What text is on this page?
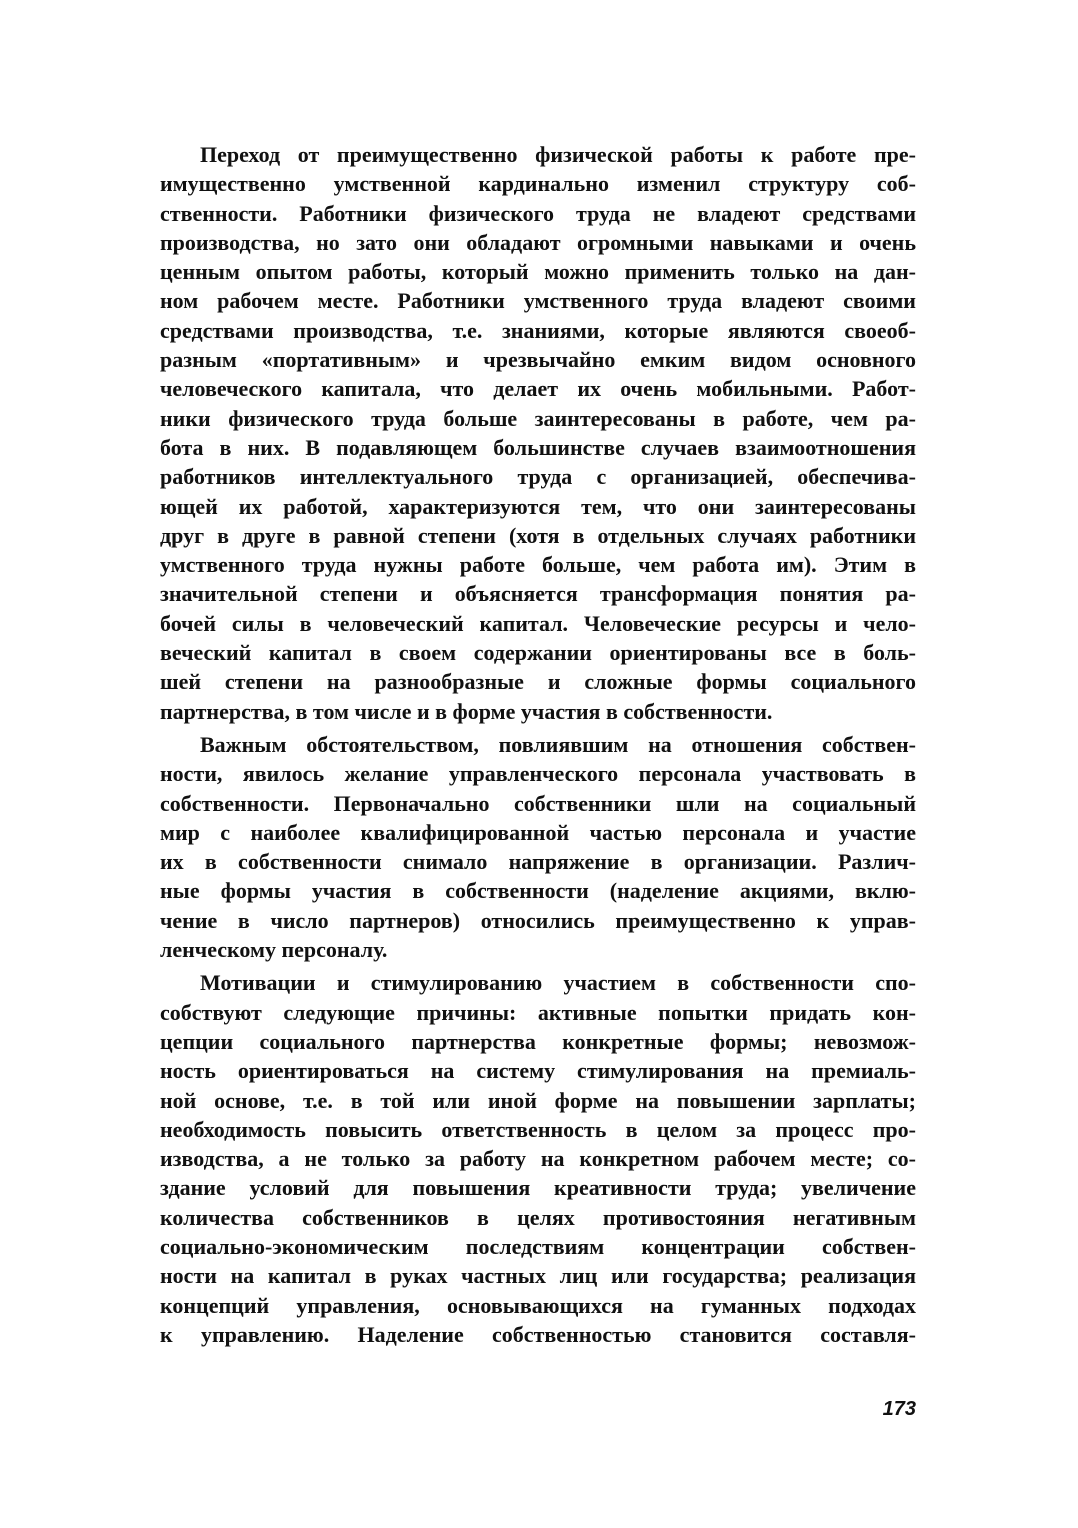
Переход от преимущественно физической работы к работе пре-
имущественно умственной кардинально изменил структуру соб-
ственности. Работники физического труда не владеют средствами
производства, но зато они обладают огромными навыками и очень
ценным опытом работы, который можно применить только на дан-
ном рабочем месте. Работники умственного труда владеют своими
средствами производства, т.е. знаниями, которые являются своеоб-
разным «портативным» и чрезвычайно емким видом основного
человеческого капитала, что делает их очень мобильными. Работ-
ники физического труда больше заинтересованы в работе, чем ра-
бота в них. В подавляющем большинстве случаев взаимоотношения
работников интеллектуального труда с организацией, обеспечива-
ющей их работой, характеризуются тем, что они заинтересованы
друг в друге в равной степени (хотя в отдельных случаях работники
умственного труда нужны работе больше, чем работа им). Этим в
значительной степени и объясняется трансформация понятия ра-
бочей силы в человеческий капитал. Человеческие ресурсы и чело-
веческий капитал в своем содержании ориентированы все в боль-
шей степени на разнообразные и сложные формы социального
партнерства, в том числе и в форме участия в собственности.
Важным обстоятельством, повлиявшим на отношения собствен-
ности, явилось желание управленческого персонала участвовать в
собственности. Первоначально собственники шли на социальный
мир с наиболее квалифицированной частью персонала и участие
их в собственности снимало напряжение в организации. Различ-
ные формы участия в собственности (наделение акциями, вклю-
чение в число партнеров) относились преимущественно к управ-
ленческому персоналу.
Мотивации и стимулированию участием в собственности спо-
собствуют следующие причины: активные попытки придать кон-
цепции социального партнерства конкретные формы; невозмож-
ность ориентироваться на систему стимулирования на премиаль-
ной основе, т.е. в той или иной форме на повышении зарплаты;
необходимость повысить ответственность в целом за процесс про-
изводства, а не только за работу на конкретном рабочем месте; со-
здание условий для повышения креативности труда; увеличение
количества собственников в целях противостояния негативным
социально-экономическим последствиям концентрации собствен-
ности на капитал в руках частных лиц или государства; реализация
концепций управления, основывающихся на гуманных подходах
к управлению. Наделение собственностью становится составля-
173
